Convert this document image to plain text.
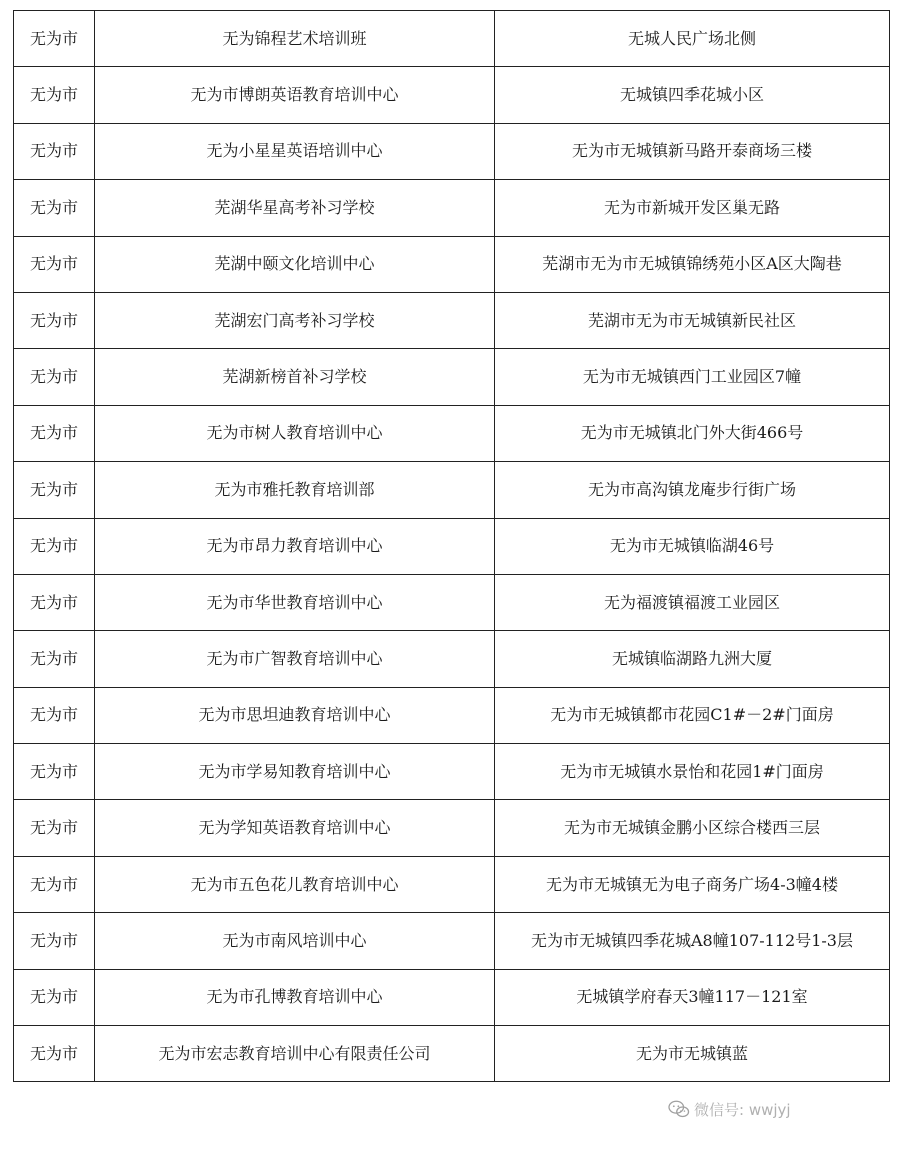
无为市	无为锦程艺术培训班	无城人民广场北侧
无为市	无为市博朗英语教育培训中心	无城镇四季花城小区
无为市	无为小星星英语培训中心	无为市无城镇新马路开泰商场三楼
无为市	芜湖华星高考补习学校	无为市新城开发区巢无路
无为市	芜湖中颐文化培训中心	芜湖市无为市无城镇锦绣苑小区A区大陶巷
无为市	芜湖宏门高考补习学校	芜湖市无为市无城镇新民社区
无为市	芜湖新榜首补习学校	无为市无城镇西门工业园区7幢
无为市	无为市树人教育培训中心	无为市无城镇北门外大街466号
无为市	无为市雅托教育培训部	无为市高沟镇龙庵步行街广场
无为市	无为市昂力教育培训中心	无为市无城镇临湖46号
无为市	无为市华世教育培训中心	无为福渡镇福渡工业园区
无为市	无为市广智教育培训中心	无城镇临湖路九洲大厦
无为市	无为市思坦迪教育培训中心	无为市无城镇都市花园C1#－2#门面房
无为市	无为市学易知教育培训中心	无为市无城镇水景怡和花园1#门面房
无为市	无为学知英语教育培训中心	无为市无城镇金鹏小区综合楼西三层
无为市	无为市五色花儿教育培训中心	无为市无城镇无为电子商务广场4-3幢4楼
无为市	无为市南风培训中心	无为市无城镇四季花城A8幢107-112号1-3层
无为市	无为市孔博教育培训中心	无城镇学府春天3幢117－121室
无为市	无为市宏志教育培训中心有限责任公司	无为市无城镇蓝
微信号: wwjyj
